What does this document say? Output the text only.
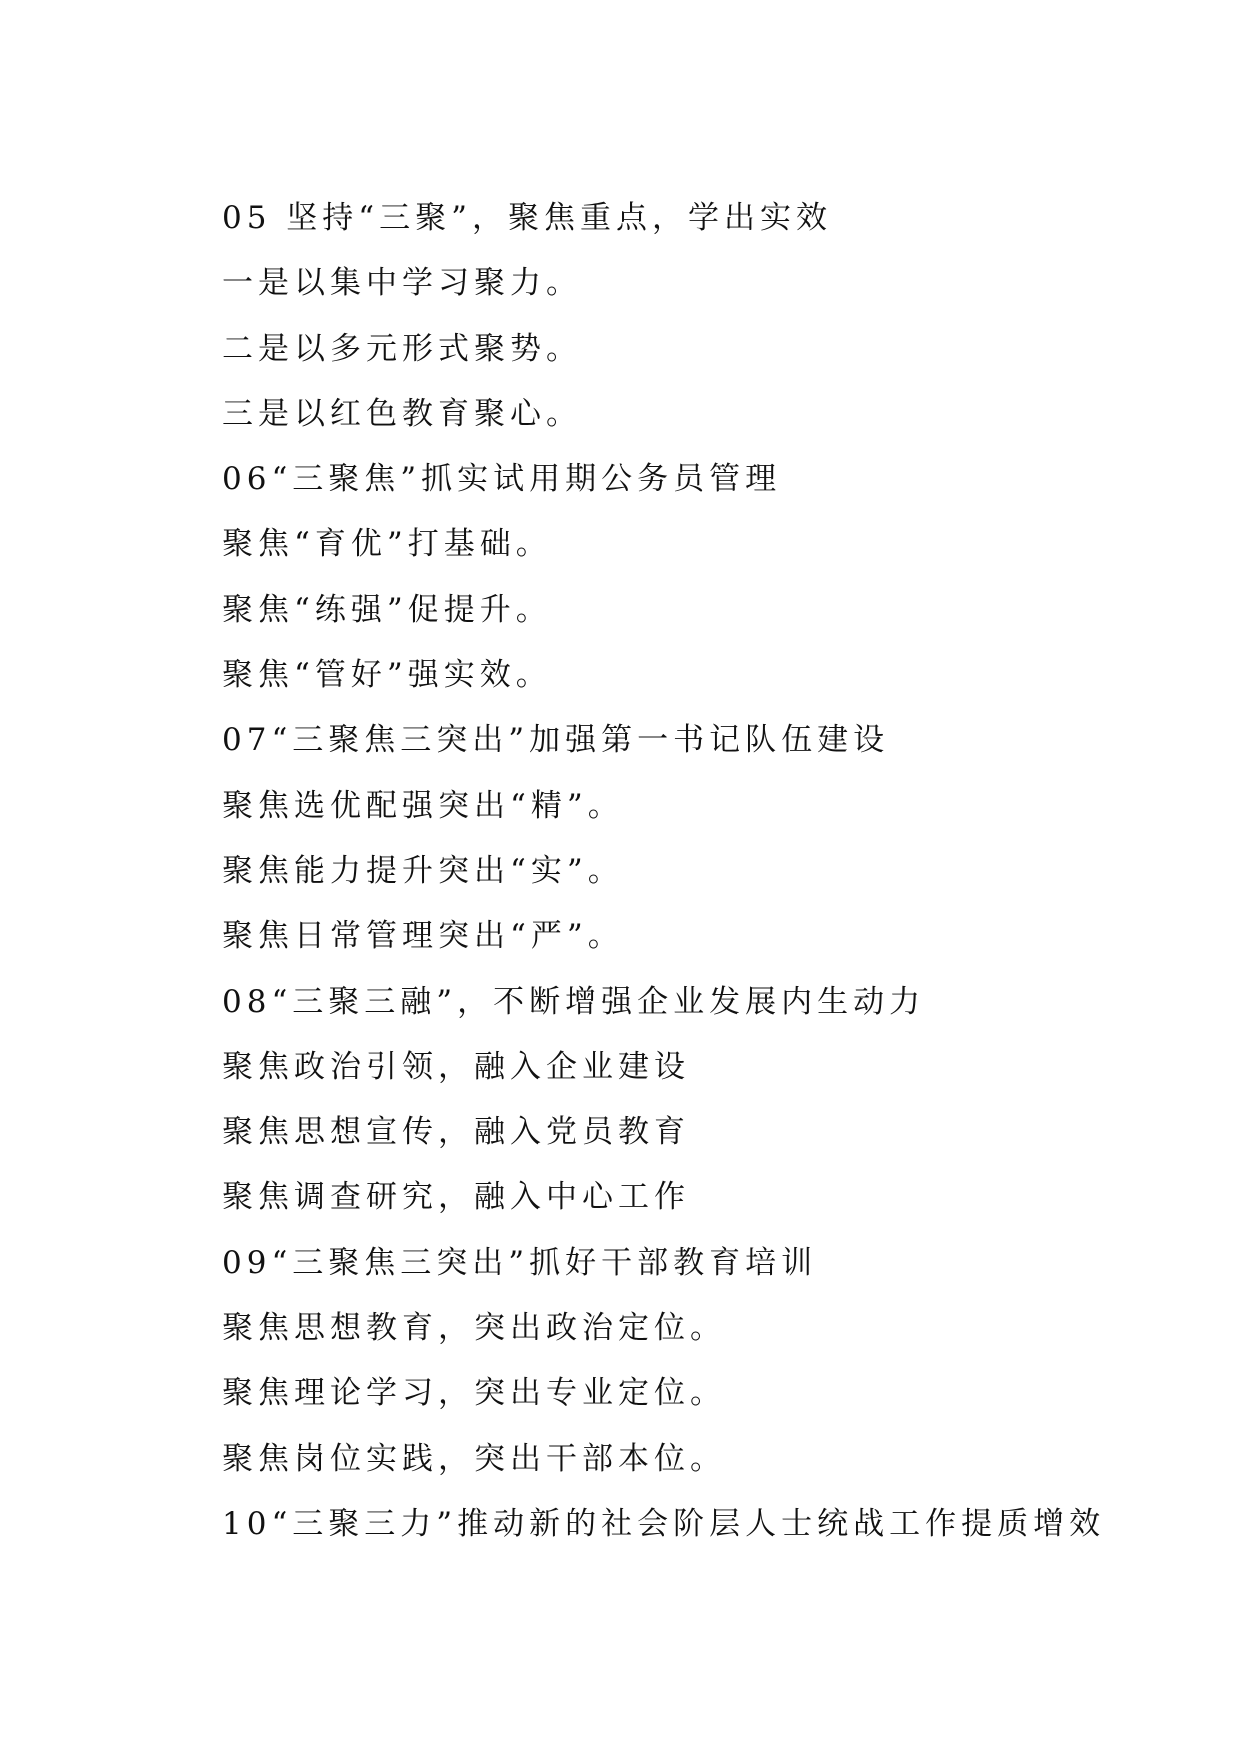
05 坚持“三聚”，聚焦重点，学出实效
一是以集中学习聚力。
二是以多元形式聚势。
三是以红色教育聚心。
06“三聚焦”抓实试用期公务员管理
聚焦“育优”打基础。
聚焦“练强”促提升。
聚焦“管好”强实效。
07“三聚焦三突出”加强第一书记队伍建设
聚焦选优配强突出“精”。
聚焦能力提升突出“实”。
聚焦日常管理突出“严”。
08“三聚三融”，不断增强企业发展内生动力
聚焦政治引领，融入企业建设
聚焦思想宣传，融入党员教育
聚焦调查研究，融入中心工作
09“三聚焦三突出”抓好干部教育培训
聚焦思想教育，突出政治定位。
聚焦理论学习，突出专业定位。
聚焦岗位实践，突出干部本位。
10“三聚三力”推动新的社会阶层人士统战工作提质增效
